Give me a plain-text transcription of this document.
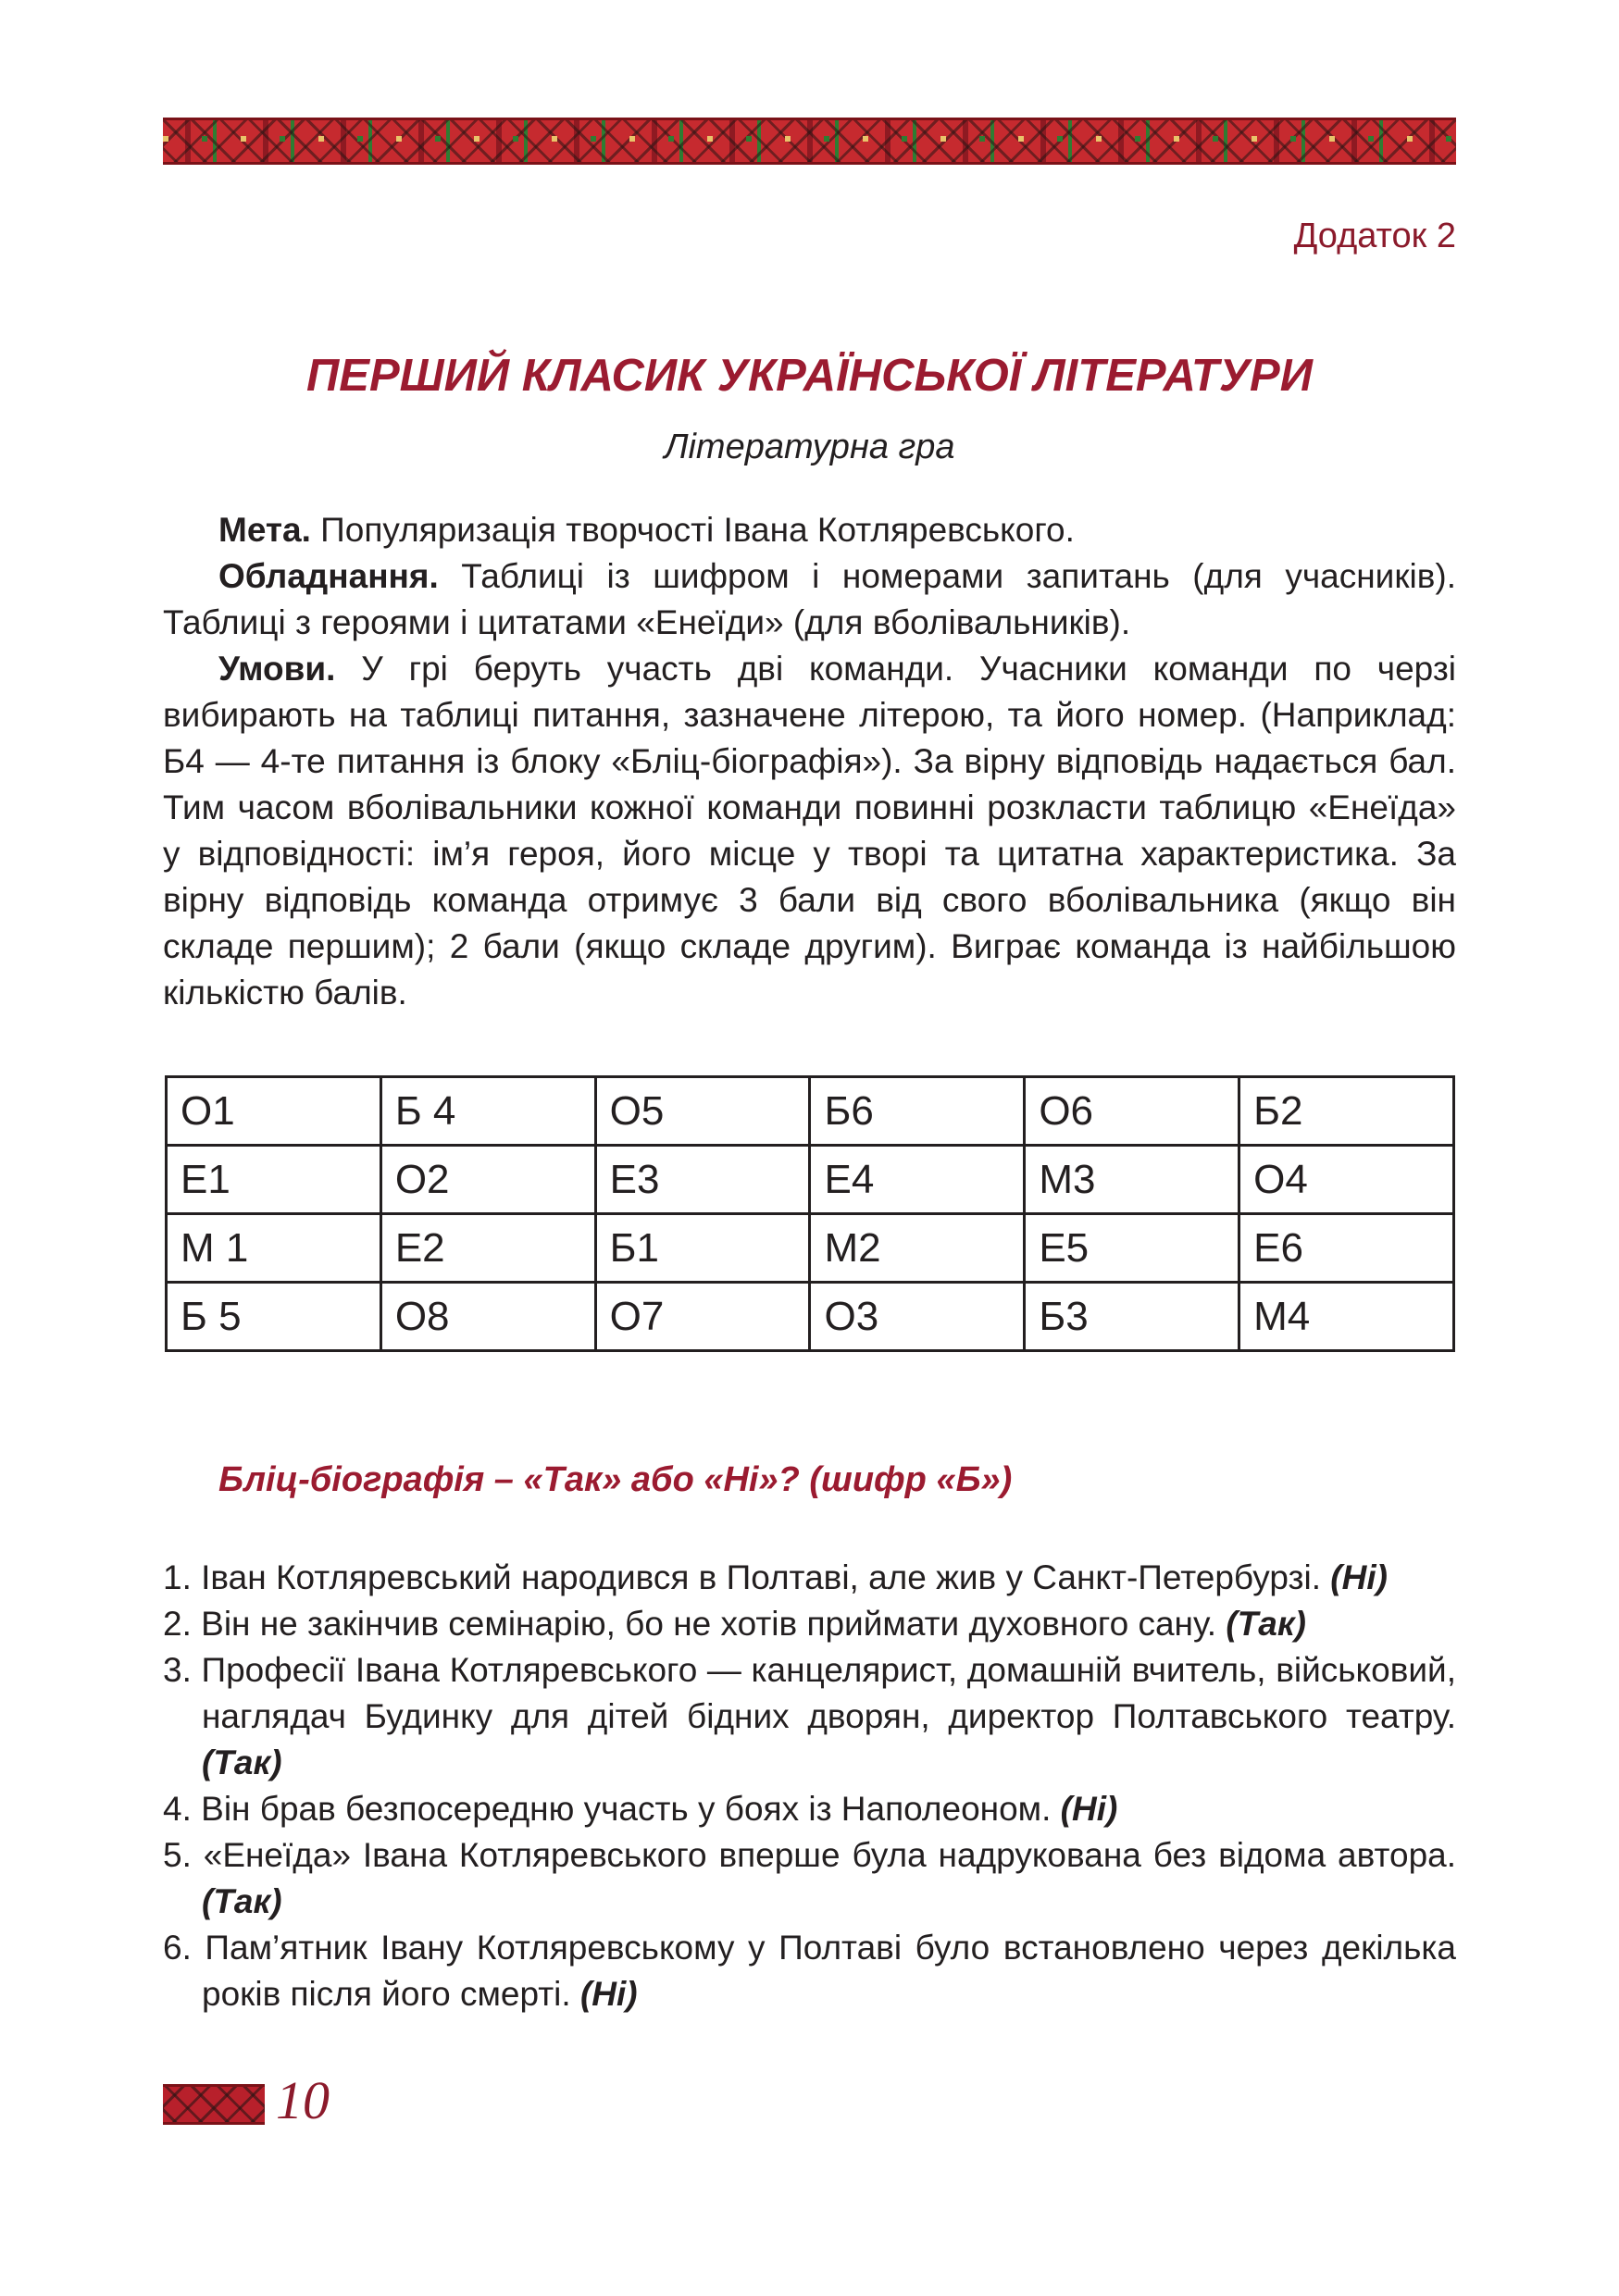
Додаток 2
ПЕРШИЙ КЛАСИК УКРАЇНСЬКОЇ ЛІТЕРАТУРИ
Літературна гра

Мета. Популяризація творчості Івана Котляревського.

Обладнання. Таблиці із шифром і номерами запитань (для учасників). Таблиці з героями і цитатами «Енеїди» (для вболівальників).

Умови. У грі беруть участь дві команди. Учасники команди по черзі вибирають на таблиці питання, зазначене літерою, та його номер. (Наприклад: Б4 — 4-те питання із блоку «Бліц-біографія»). За вірну відповідь надається бал. Тим часом вболівальники кожної команди повинні розкласти таблицю «Енеїда» у відповідності: ім’я героя, його місце у творі та цитатна характеристика. За вірну відповідь команда отримує 3 бали від свого вболівальника (якщо він складе першим); 2 бали (якщо складе другим). Виграє команда із найбільшою кількістю балів.

О1	Б 4	О5	Б6	О6	Б2
Е1	О2	Е3	Е4	М3	О4
М 1	Е2	Б1	М2	Е5	Е6
Б 5	О8	О7	О3	Б3	М4
Бліц-біографія – «Так» або «Ні»? (шифр «Б»)
1. Іван Котляревський народився в Полтаві, але жив у Санкт-Петербурзі. (Ні)
2. Він не закінчив семінарію, бо не хотів приймати духовного сану. (Так)
3. Професії Івана Котляревського — канцелярист, домашній вчитель, військовий, наглядач Будинку для дітей бідних дворян, директор Полтавського театру. (Так)
4. Він брав безпосередню участь у боях із Наполеоном. (Ні)
5. «Енеїда» Івана Котляревського вперше була надрукована без відома автора. (Так)
6. Пам’ятник Івану Котляревському у Полтаві було встановлено через декілька років після його смерті. (Ні)
10
